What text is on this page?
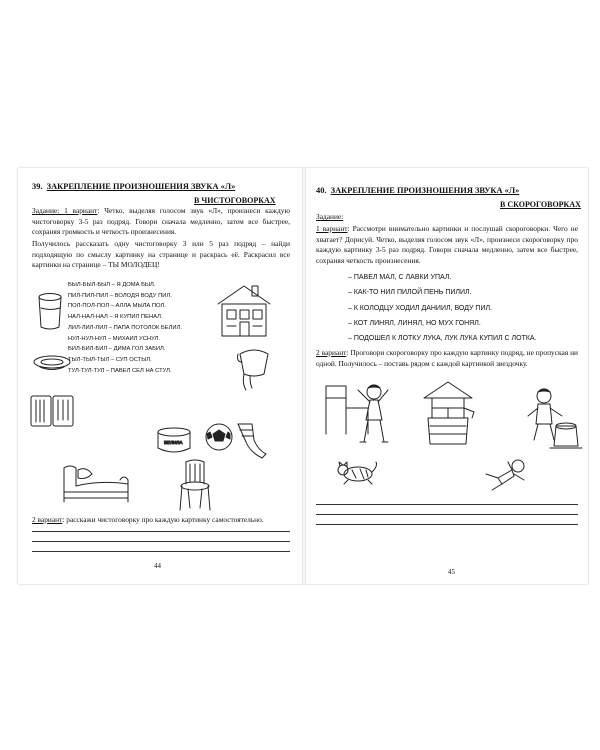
39. ЗАКРЕПЛЕНИЕ ПРОИЗНОШЕНИЯ ЗВУКА «Л»
В ЧИСТОГОВОРКАХ
Задание: 1 вариант: Четко, выделяя голосом звук «Л», произнеси каждую чистоговорку 3-5 раз подряд. Говори сначала медленно, затем все быстрее, сохраняя громкость и четкость произнесения.
Получилось рассказать одну чистоговорку 3 или 5 раз подряд – найди подходящую по смыслу картинку на странице и раскрась её. Раскрасил все картинки на странице – ТЫ МОЛОДЕЦ!
БЫЛ-БЫЛ-БЫЛ – Я ДОМА БЫЛ.
ПИЛ-ПИЛ-ПИЛ – ВОЛОДЯ ВОДУ ПИЛ.
ПОЛ-ПОЛ-ПОЛ – АЛЛА МЫЛА ПОЛ.
НАЛ-НАЛ-НАЛ – Я КУПИЛ ПЕНАЛ.
ЛИЛ-ЛИЛ-ЛИЛ – ПАПА ПОТОЛОК БЕЛИЛ.
НУЛ-НУЛ-НУЛ – МИХАИЛ УСНУЛ.
БИЛ-БИЛ-БИЛ – ДИМА ГОЛ ЗАБИЛ.
ТЫЛ-ТЫЛ-ТЫЛ – СУП ОСТЫЛ.
ТУЛ-ТУЛ-ТУЛ – ПАВЕЛ СЕЛ НА СТУЛ.
БЕЛИЛА
2 вариант: расскажи чистоговорку про каждую картинку самостоятельно.
44
40. ЗАКРЕПЛЕНИЕ ПРОИЗНОШЕНИЯ ЗВУКА «Л»
В СКОРОГОВОРКАХ
Задание:
1 вариант: Рассмотри внимательно картинки и послушай скороговорки. Чего не хватает? Дорисуй. Четко, выделяя голосом звук «Л», произнеси скороговорку про каждую картинку 3-5 раз подряд. Говори сначала медленно, затем все быстрее, сохраняя четкость произнесения.
– ПАВЕЛ МАЛ, С ЛАВКИ УПАЛ.
– КАК-ТО НИЛ ПИЛОЙ ПЕНЬ ПИЛИЛ.
– К КОЛОДЦУ ХОДИЛ ДАНИИЛ, ВОДУ ПИЛ.
– КОТ ЛИНЯЛ, ЛИНЯЛ, НО МУХ ГОНЯЛ.
– ПОДОШЕЛ К ЛОТКУ ЛУКА, ЛУК ЛУКА КУПИЛ С ЛОТКА.
2 вариант: Проговори скороговорку про каждую картинку подряд, не пропуская ни одной. Получилось – поставь рядом с каждой картинкой звездочку.
45
